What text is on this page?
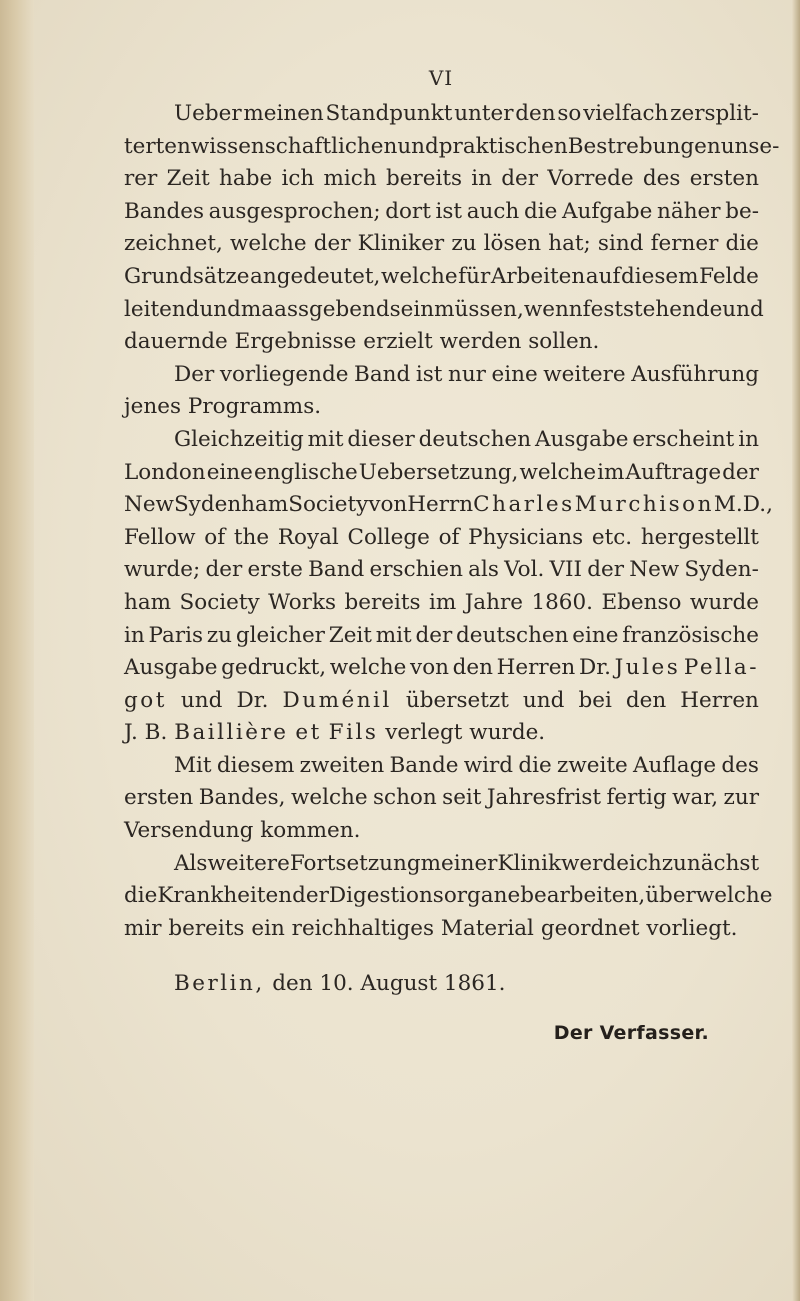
VI
Ueber meinen Standpunkt unter den so vielfach zersplit-
terten wissenschaftlichen und praktischen Bestrebungen unse-
rer Zeit habe ich mich bereits in der Vorrede des ersten
Bandes ausgesprochen; dort ist auch die Aufgabe näher be-
zeichnet, welche der Kliniker zu lösen hat; sind ferner die
Grundsätze angedeutet, welche für Arbeiten auf diesem Felde
leitend und maassgebend sein müssen, wenn feststehende und
dauernde Ergebnisse erzielt werden sollen.
Der vorliegende Band ist nur eine weitere Ausführung
jenes Programms.
Gleichzeitig mit dieser deutschen Ausgabe erscheint in
London eine englische Uebersetzung, welche im Auftrage der
New Sydenham Society von Herrn Charles Murchison M.D.,
Fellow of the Royal College of Physicians etc. hergestellt
wurde; der erste Band erschien als Vol. VII der New Syden-
ham Society Works bereits im Jahre 1860. Ebenso wurde
in Paris zu gleicher Zeit mit der deutschen eine französische
Ausgabe gedruckt, welche von den Herren Dr. Jules Pella-
got und Dr. Duménil übersetzt und bei den Herren
J. B. Baillière et Fils verlegt wurde.
Mit diesem zweiten Bande wird die zweite Auflage des
ersten Bandes, welche schon seit Jahresfrist fertig war, zur
Versendung kommen.
Als weitere Fortsetzung meiner Klinik werde ich zunächst
die Krankheiten der Digestionsorgane bearbeiten, über welche
mir bereits ein reichhaltiges Material geordnet vorliegt.
Berlin, den 10. August 1861.
Der Verfasser.
